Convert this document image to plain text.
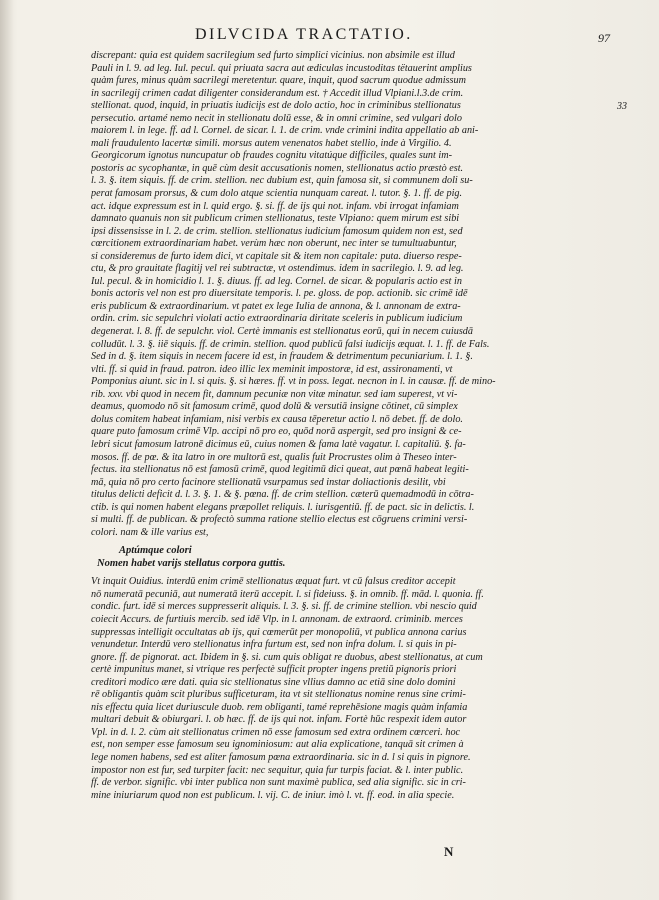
DILVCIDA TRACTATIO.	97
33
discrepant: quia est quidem sacrilegium sed furto simplici vicinius. non absimile est illud
Pauli in l. 9. ad leg. Iul. pecul. qui priuata sacra aut ædiculas incustoditas tëtauerint amplius
quàm fures, minus quàm sacrilegi meretentur. quare, inquit, quod sacrum quodue admissum
in sacrilegij crimen cadat diligenter considerandum est. † Accedit illud Vlpiani.l.3.de crim.
stellionat. quod, inquid, in priuatis iudicijs est de dolo actio, hoc in criminibus stellionatus
persecutio. artamé nemo necit in stellionatu dolū esse, & in omni crimine, sed vulgari dolo
maiorem l. in lege. ff. ad l. Cornel. de sicar. l. 1. de crim. vnde crimini indita appellatio ab ani-
mali fraudulento lacertæ simili. morsus autem venenatos habet stellio, inde à Virgilio. 4.
Georgicorum ignotus nuncupatur ob fraudes cognitu vitatúque difficiles, quales sunt im-
postoris ac sycophantæ, in quē cùm desit accusationis nomen, stellionatus actio præstò est.
l. 3. §. item siquis. ff. de crim. stellion. nec dubium est, quin famosa sit, si communem doli su-
perat famosam prorsus, & cum dolo atque scientia nunquam careat. l. tutor. §. 1. ff. de pig.
act. idque expressum est in l. quid ergo. §. si. ff. de ijs qui not. infam. vbi irrogat infamiam
damnato quanuis non sit publicum crimen stellionatus, teste Vlpiano: quem mirum est sibi
ipsi dissensisse in l. 2. de crim. stellion. stellionatus iudicium famosum quidem non est, sed
cœrcitionem extraordinariam habet. verùm hæc non oberunt, nec inter se tumultuabuntur,
si consideremus de furto idem dici, vt capitale sit & item non capitale: puta. diuerso respe-
ctu, & pro grauitate flagitij vel rei subtractæ, vt ostendimus. idem in sacrilegio. l. 9. ad leg.
Iul. pecul. & in homicidio l. 1. §. diuus. ff. ad leg. Cornel. de sicar. & popularis actio est in
bonis actoris vel non est pro diuersitate temporis. l. pe. gloss. de pop. actionib. sic crimē idē
eris publicum & extraordinarium. vt patet ex lege Iulia de annona, & l. annonam de extra-
ordin. crim. sic sepulchri violati actio extraordinaria diritate sceleris in publicum iudicium
degenerat. l. 8. ff. de sepulchr. viol. Certè immanis est stellionatus eorū, qui in necem cuiusdā
colludūt. l. 3. §. iiē siquis. ff. de crimin. stellion. quod publicū falsi iudicijs æquat. l. 1. ff. de Fals.
Sed in d. §. item siquis in necem facere id est, in fraudem & detrimentum pecuniarium. l. 1. §.
vlti. ff. si quid in fraud. patron. ideo illic lex meminit impostoræ, id est, assironamenti, vt
Pomponius aiunt. sic in l. si quis. §. si hæres. ff. vt in poss. legat. necnon in l. in causæ. ff. de mino-
rib. xxv. vbi quod in necem fit, damnum pecuniæ non vitæ minatur. sed iam superest, vt vi-
deamus, quomodo nō sit famosum crimē, quod dolū & versutiā insigne cōtinet, cū simplex
dolus comitem habeat infamiam, nisi verbis ex causa tēperetur actio l. nō debet. ff. de dolo.
quare puto famosum crimē Vlp. accipi nō pro eo, quōd norā aspergit, sed pro insigni & ce-
lebri sicut famosum latronē dicimus eū, cuius nomen & fama latè vagatur. l. capitaliū. §. fa-
mosos. ff. de pœ. & ita latro in ore multorū est, qualis fuit Procrustes olim à Theseo inter-
fectus. ita stellionatus nō est famosū crimē, quod legitimū dici queat, aut pœnā habeat legiti-
mā, quia nō pro certo facinore stellionatū vsurpamus sed instar doliactionis desilit, vbi
titulus delicti deficit d. l. 3. §. 1. & §. pœna. ff. de crim stellion. cæterū quemadmodū in cōtra-
ctib. is qui nomen habent elegans præpollet reliquis. l. iurisgentiū. ff. de pact. sic in delictis. l.
si multi. ff. de publican. & profectò summa ratione stellio electus est cōgruens crimini versi-
colori. nam & ille varius est,
Aptúmque colori
Nomen habet varijs stellatus corpora guttis.
Vt inquit Ouidius. interdū enim crimē stellionatus æquat furt. vt cū falsus creditor accepit
nō numeratā pecuniā, aut numeratā iterū accepit. l. si fideiuss. §. in omnib. ff. mād. l. quonia. ff.
condic. furt. idē si merces suppresserit aliquis. l. 3. §. si. ff. de crimine stellion. vbi nescio quid
coiecit Accurs. de furtiuis mercib. sed idē Vlp. in l. annonam. de extraord. criminib. merces
suppressas intelligit occultatas ab ijs, qui cœmerūt per monopoliū, vt publica annona carius
venundetur. Interdū vero stellionatus infra furtum est, sed non infra dolum. l. si quis in pi-
gnore. ff. de pignorat. act. Ibidem in §. si. cum quis obligat re duobus, abest stellionatus, at cum
certè impunitus manet, si vtrique res perfectè sufficit propter ingens pretiū pignoris priori
creditori modico ære dati. quia sic stellionatus sine vllius damno ac etiā sine dolo domini
rē obligantis quàm scit pluribus sufficeturam, ita vt sit stellionatus nomine renus sine crimi-
nis effectu quia licet duriuscule duob. rem obliganti, tamé reprehēsione magis quàm infamia
multari debuit & obiurgari. l. ob hæc. ff. de ijs qui not. infam. Fortè hūc respexit idem autor
Vpl. in d. l. 2. cùm ait stellionatus crimen nō esse famosum sed extra ordinem cœrceri. hoc
est, non semper esse famosum seu ignominiosum: aut alia explicatione, tanquā sit crimen à
lege nomen habens, sed est aliter famosum pœna extraordinaria. sic in d. l si quis in pignore.
impostor non est fur, sed turpiter facit: nec sequitur, quia fur turpis faciat. & l. inter public.
ff. de verbor. signific. vbi inter publica non sunt maximè publica, sed alia signific. sic in cri-
mine iniuriarum quod non est publicum. l. vij. C. de iniur. imò l. vt. ff. eod. in alia specie.
N
